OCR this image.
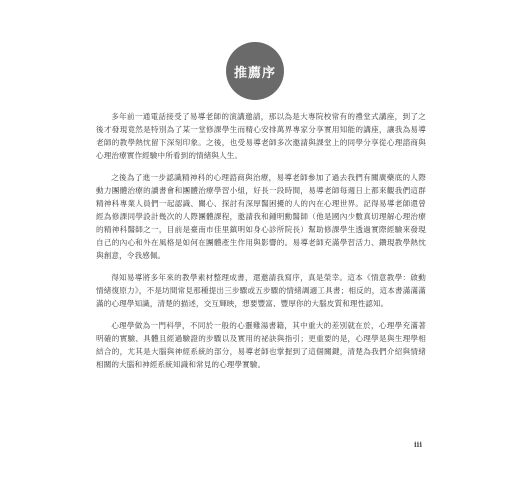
推薦序

多年前一通電話接受了易導老師的演講邀請，那以為是大專院校常有的禮堂式講座，到了之後才發現竟然是特別為了某一堂修課學生而精心安排萬界專家分享實用知能的講座，讓我為易導老師的教學熱忱留下深刻印象。之後，也受易導老師多次邀請與課堂上的同學分享從心理諮商與心理治療實作經驗中所看到的情緒與人生。

之後為了進一步認識精神科的心理諮商與治療，易導老師參加了過去我們有關廣藥底的人際動力團體治療的讀書會和團體治療學習小組，好長一段時間，易導老師每週日上都來觀我們這群精神科專業人員們一起認識、關心、探討有深厚醫困擾的人的內在心理世界。記得易導老師還曾經為修課同學設計幾次的人際團體課程，邀請我和鍾明勳醫師（他是國內少數真切理解心理治療的精神科醫師之一，目前是臺南市佳里鎮明如身心診所院長）幫助修課學生透過實際經驗來發現自己的內心和外在風格是如何在團體產生作用與影響的。易導老師充滿學習活力、鑽現教學熱忱與創意，令我感佩。

得知易導將多年來的教學素材整理成書，還邀請我寫序，真是榮幸。這本《情意教學：啟動情緒復原力》，不是坊間常見那種提出三步驟或五步驟的情緒調適工具書；相反的，這本書滿滿滿滿的心理學知識，清楚的描述，交互輝映，想要豐富、豐厚你的大腦皮質和理性認知。

心理學做為一門科學，不同於一般的心靈雞湯書籍，其中重大的差別就在於，心理學充滿著明確的實驗、具體且經過驗證的步驟以及實用的祕訣與指引；更重要的是，心理學是與生理學相結合的，尤其是大腦與神經系統的部分，易導老師也掌握到了這個關鍵，清楚為我們介紹與情緒相關的大腦和神經系統知識和常見的心理學實驗。

iii
